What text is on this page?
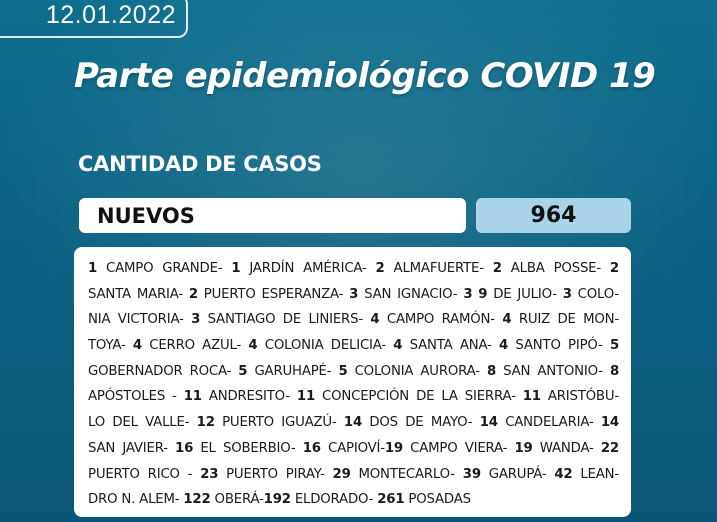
12.01.2022
Parte epidemiológico COVID 19
CANTIDAD DE CASOS
NUEVOS	964
1 CAMPO GRANDE- 1 JARDÍN AMÉRICA- 2 ALMAFUERTE- 2 ALBA POSSE- 2
SANTA MARIA- 2 PUERTO ESPERANZA- 3 SAN IGNACIO- 3 9 DE JULIO- 3 COLO-
NIA VICTORIA- 3 SANTIAGO DE LINIERS- 4 CAMPO RAMÓN- 4 RUIZ DE MON-
TOYA- 4 CERRO AZUL- 4 COLONIA DELICIA- 4 SANTA ANA- 4 SANTO PIPÓ- 5
GOBERNADOR ROCA- 5 GARUHAPÉ- 5 COLONIA AURORA- 8 SAN ANTONIO- 8
APÓSTOLES - 11 ANDRESITO- 11 CONCEPCIÓN DE LA SIERRA- 11 ARISTÓBU-
LO DEL VALLE- 12 PUERTO IGUAZÚ- 14 DOS DE MAYO- 14 CANDELARIA- 14
SAN JAVIER- 16 EL SOBERBIO- 16 CAPIOVÍ-19 CAMPO VIERA- 19 WANDA- 22
PUERTO RICO - 23 PUERTO PIRAY- 29 MONTECARLO- 39 GARUPÁ- 42 LEAN-
DRO N. ALEM- 122 OBERÁ-192 ELDORADO- 261 POSADAS
